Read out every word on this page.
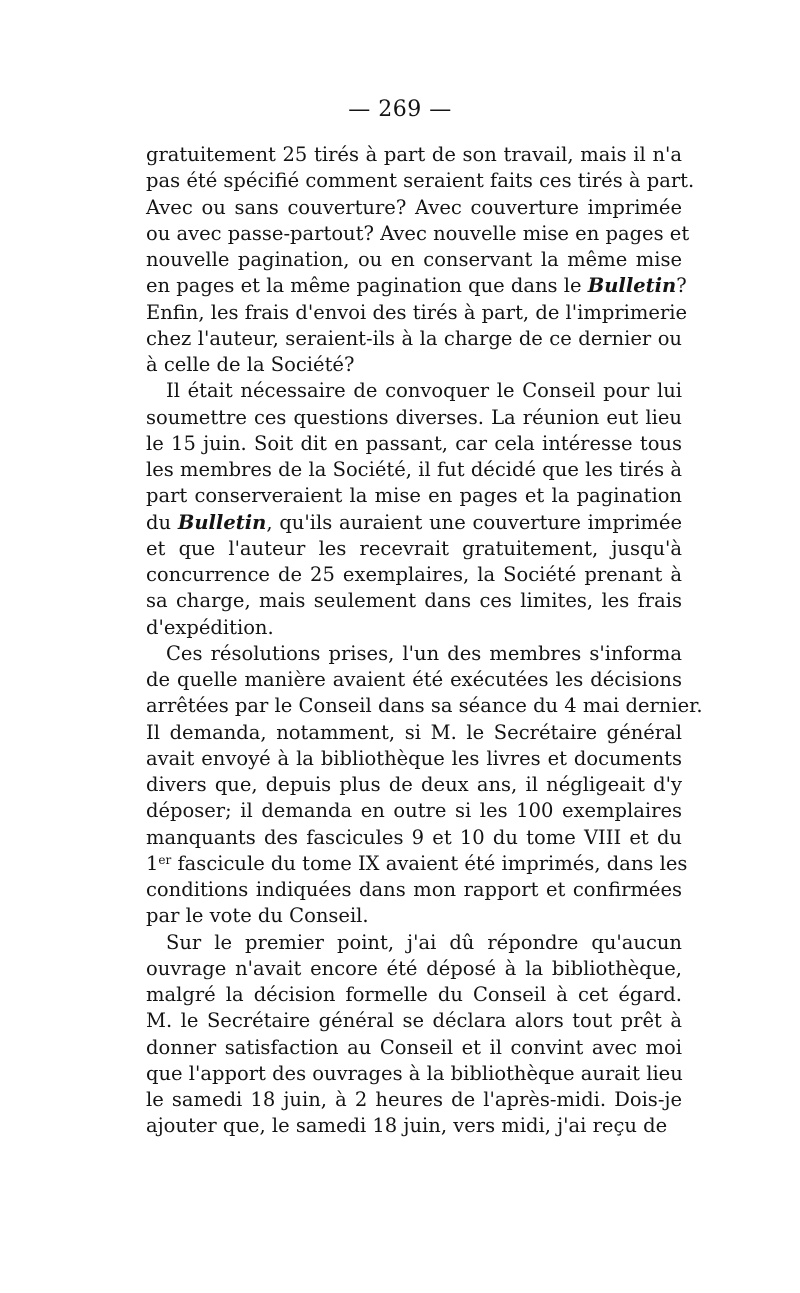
— 269 —
gratuitement 25 tirés à part de son travail, mais il n'a
pas été spécifié comment seraient faits ces tirés à part.
Avec ou sans couverture? Avec couverture imprimée
ou avec passe-partout? Avec nouvelle mise en pages et
nouvelle pagination, ou en conservant la même mise
en pages et la même pagination que dans le Bulletin?
Enfin, les frais d'envoi des tirés à part, de l'imprimerie
chez l'auteur, seraient-ils à la charge de ce dernier ou
à celle de la Société?
Il était nécessaire de convoquer le Conseil pour lui
soumettre ces questions diverses. La réunion eut lieu
le 15 juin. Soit dit en passant, car cela intéresse tous
les membres de la Société, il fut décidé que les tirés à
part conserveraient la mise en pages et la pagination
du Bulletin, qu'ils auraient une couverture imprimée
et que l'auteur les recevrait gratuitement, jusqu'à
concurrence de 25 exemplaires, la Société prenant à
sa charge, mais seulement dans ces limites, les frais
d'expédition.
Ces résolutions prises, l'un des membres s'informa
de quelle manière avaient été exécutées les décisions
arrêtées par le Conseil dans sa séance du 4 mai dernier.
Il demanda, notamment, si M. le Secrétaire général
avait envoyé à la bibliothèque les livres et documents
divers que, depuis plus de deux ans, il négligeait d'y
déposer; il demanda en outre si les 100 exemplaires
manquants des fascicules 9 et 10 du tome VIII et du
1er fascicule du tome IX avaient été imprimés, dans les
conditions indiquées dans mon rapport et confirmées
par le vote du Conseil.
Sur le premier point, j'ai dû répondre qu'aucun
ouvrage n'avait encore été déposé à la bibliothèque,
malgré la décision formelle du Conseil à cet égard.
M. le Secrétaire général se déclara alors tout prêt à
donner satisfaction au Conseil et il convint avec moi
que l'apport des ouvrages à la bibliothèque aurait lieu
le samedi 18 juin, à 2 heures de l'après-midi. Dois-je
ajouter que, le samedi 18 juin, vers midi, j'ai reçu de
